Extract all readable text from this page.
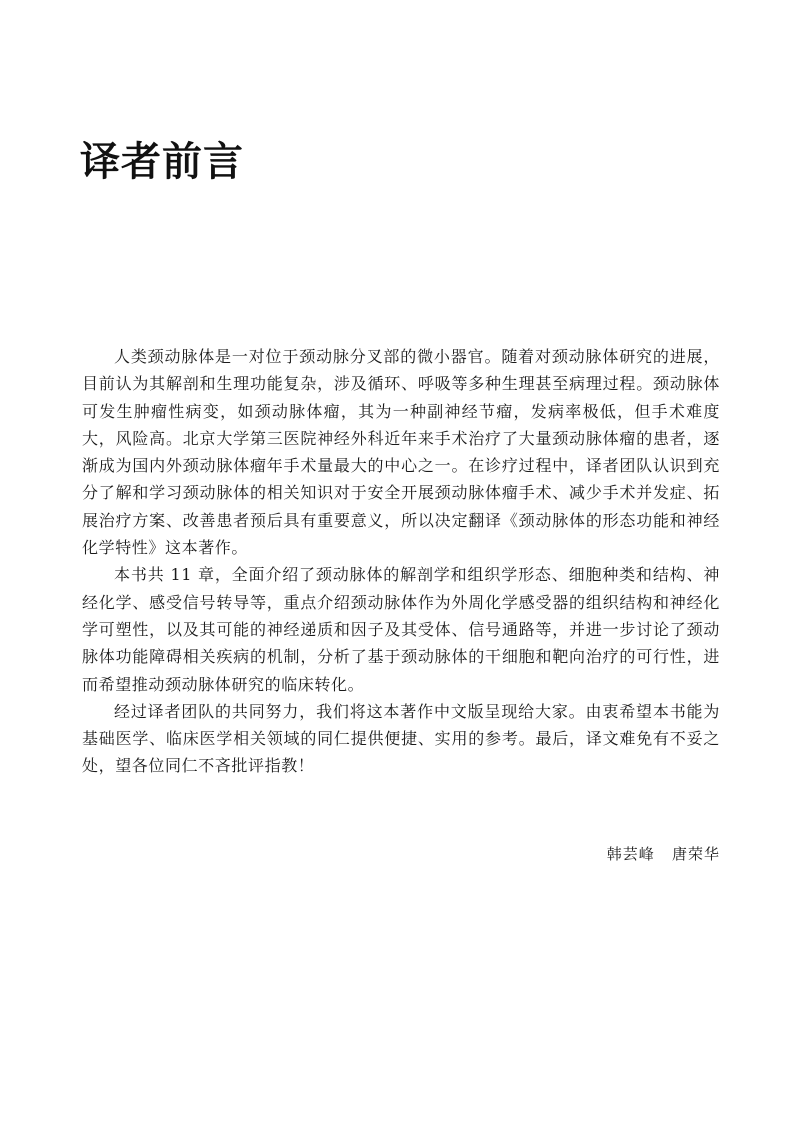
译者前言

人类颈动脉体是一对位于颈动脉分叉部的微小器官。随着对颈动脉体研究的进展，目前认为其解剖和生理功能复杂，涉及循环、呼吸等多种生理甚至病理过程。颈动脉体可发生肿瘤性病变，如颈动脉体瘤，其为一种副神经节瘤，发病率极低，但手术难度大，风险高。北京大学第三医院神经外科近年来手术治疗了大量颈动脉体瘤的患者，逐渐成为国内外颈动脉体瘤年手术量最大的中心之一。在诊疗过程中，译者团队认识到充分了解和学习颈动脉体的相关知识对于安全开展颈动脉体瘤手术、减少手术并发症、拓展治疗方案、改善患者预后具有重要意义，所以决定翻译《颈动脉体的形态功能和神经化学特性》这本著作。

本书共 11 章，全面介绍了颈动脉体的解剖学和组织学形态、细胞种类和结构、神经化学、感受信号转导等，重点介绍颈动脉体作为外周化学感受器的组织结构和神经化学可塑性，以及其可能的神经递质和因子及其受体、信号通路等，并进一步讨论了颈动脉体功能障碍相关疾病的机制，分析了基于颈动脉体的干细胞和靶向治疗的可行性，进而希望推动颈动脉体研究的临床转化。

经过译者团队的共同努力，我们将这本著作中文版呈现给大家。由衷希望本书能为基础医学、临床医学相关领域的同仁提供便捷、实用的参考。最后，译文难免有不妥之处，望各位同仁不吝批评指教！

韩芸峰   唐荣华
